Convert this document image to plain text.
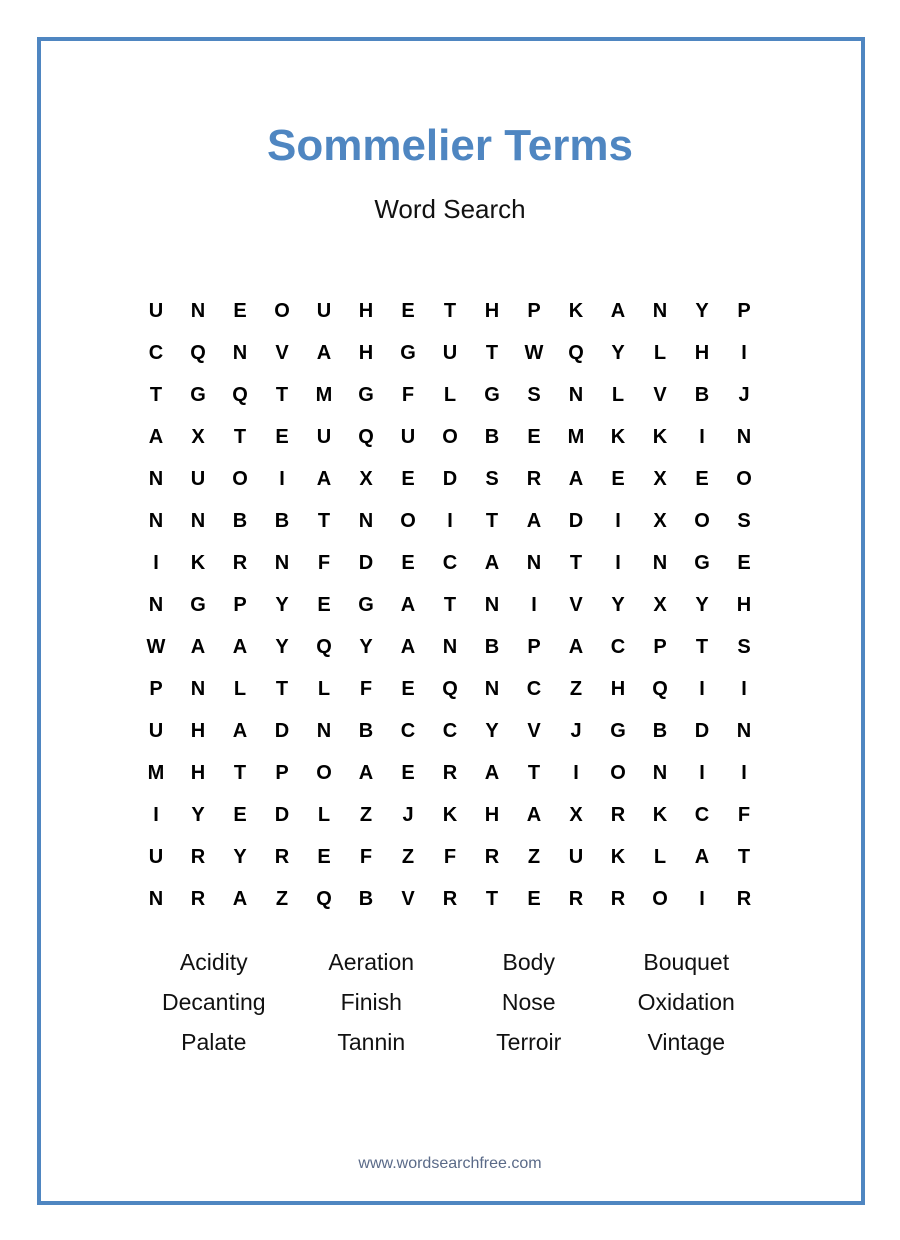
Sommelier Terms
Word Search
U	N	E	O	U	H	E	T	H	P	K	A	N	Y	P
C	Q	N	V	A	H	G	U	T	W	Q	Y	L	H	I
T	G	Q	T	M	G	F	L	G	S	N	L	V	B	J
A	X	T	E	U	Q	U	O	B	E	M	K	K	I	N
N	U	O	I	A	X	E	D	S	R	A	E	X	E	O
N	N	B	B	T	N	O	I	T	A	D	I	X	O	S
I	K	R	N	F	D	E	C	A	N	T	I	N	G	E
N	G	P	Y	E	G	A	T	N	I	V	Y	X	Y	H
W	A	A	Y	Q	Y	A	N	B	P	A	C	P	T	S
P	N	L	T	L	F	E	Q	N	C	Z	H	Q	I	I
U	H	A	D	N	B	C	C	Y	V	J	G	B	D	N
M	H	T	P	O	A	E	R	A	T	I	O	N	I	I
I	Y	E	D	L	Z	J	K	H	A	X	R	K	C	F
U	R	Y	R	E	F	Z	F	R	Z	U	K	L	A	T
N	R	A	Z	Q	B	V	R	T	E	R	R	O	I	R
Acidity	Aeration	Body	Bouquet
Decanting	Finish	Nose	Oxidation
Palate	Tannin	Terroir	Vintage
www.wordsearchfree.com
